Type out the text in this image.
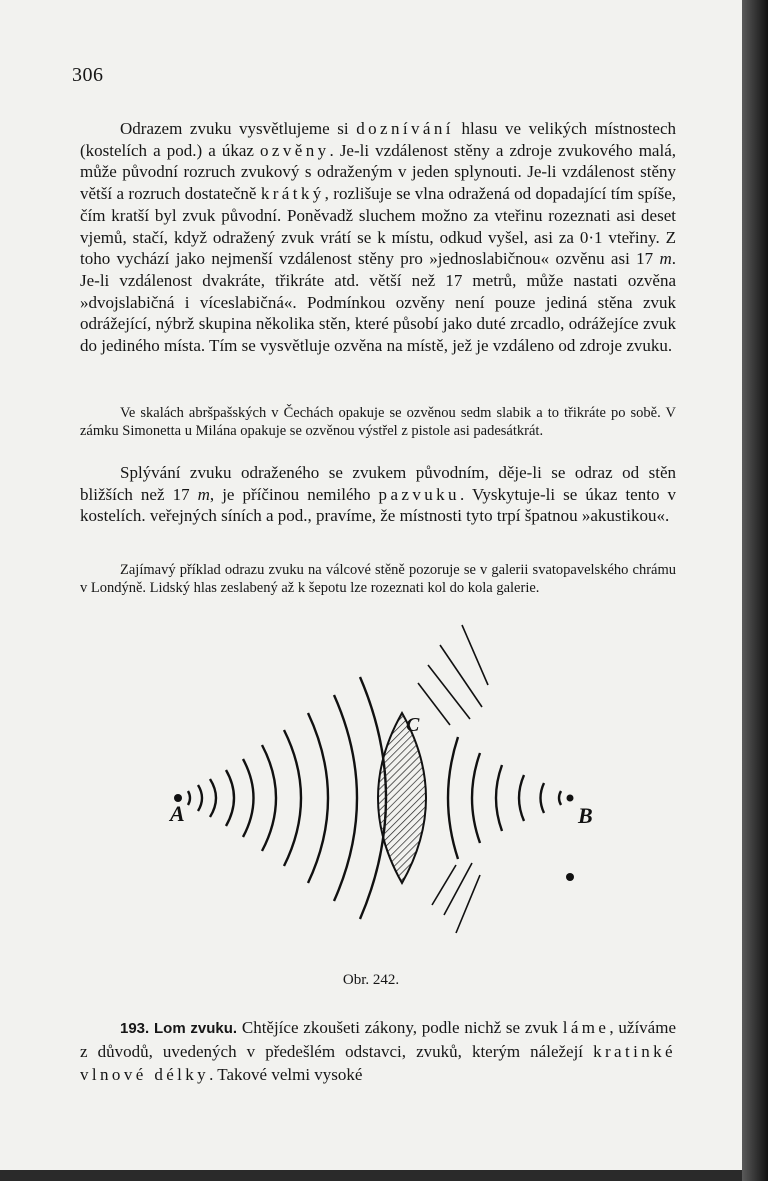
306
Odrazem zvuku vysvětlujeme si doznívání hlasu ve velikých místnostech (kostelích a pod.) a úkaz ozvěny. Je-li vzdálenost stěny a zdroje zvukového malá, může původní rozruch zvukový s odraženým v jeden splynouti. Je-li vzdálenost stěny větší a rozruch dostatečně krátký, rozlišuje se vlna odražená od dopadající tím spíše, čím kratší byl zvuk původní. Poněvadž sluchem možno za vteřinu rozeznati asi deset vjemů, stačí, když odražený zvuk vrátí se k místu, odkud vyšel, asi za 0·1 vteřiny. Z toho vychází jako nejmenší vzdálenost stěny pro »jednoslabičnou« ozvěnu asi 17 m. Je-li vzdálenost dvakráte, třikráte atd. větší než 17 metrů, může nastati ozvěna »dvojslabičná i víceslabičná«. Podmínkou ozvěny není pouze jediná stěna zvuk odrážející, nýbrž skupina několika stěn, které působí jako duté zrcadlo, odrážejíce zvuk do jediného místa. Tím se vysvětluje ozvěna na místě, jež je vzdáleno od zdroje zvuku.
Ve skalách abršpašských v Čechách opakuje se ozvěnou sedm slabik a to třikráte po sobě. V zámku Simonetta u Milána opakuje se ozvěnou výstřel z pistole asi padesátkrát.
Splývání zvuku odraženého se zvukem původním, děje-li se odraz od stěn bližších než 17 m, je příčinou nemilého pazvuku. Vyskytuje-li se úkaz tento v kostelích. veřejných síních a pod., pravíme, že místnosti tyto trpí špatnou »akustikou«.
Zajímavý příklad odrazu zvuku na válcové stěně pozoruje se v galerii svatopavelského chrámu v Londýně. Lidský hlas zeslabený až k šepotu lze rozeznati kol do kola galerie.
A	B
C
Obr. 242.
193. Lom zvuku. Chtějíce zkoušeti zákony, podle nichž se zvuk láme, užíváme z důvodů, uvedených v předešlém odstavci, zvuků, kterým náležejí kratinké vlnové délky. Takové velmi vysoké
